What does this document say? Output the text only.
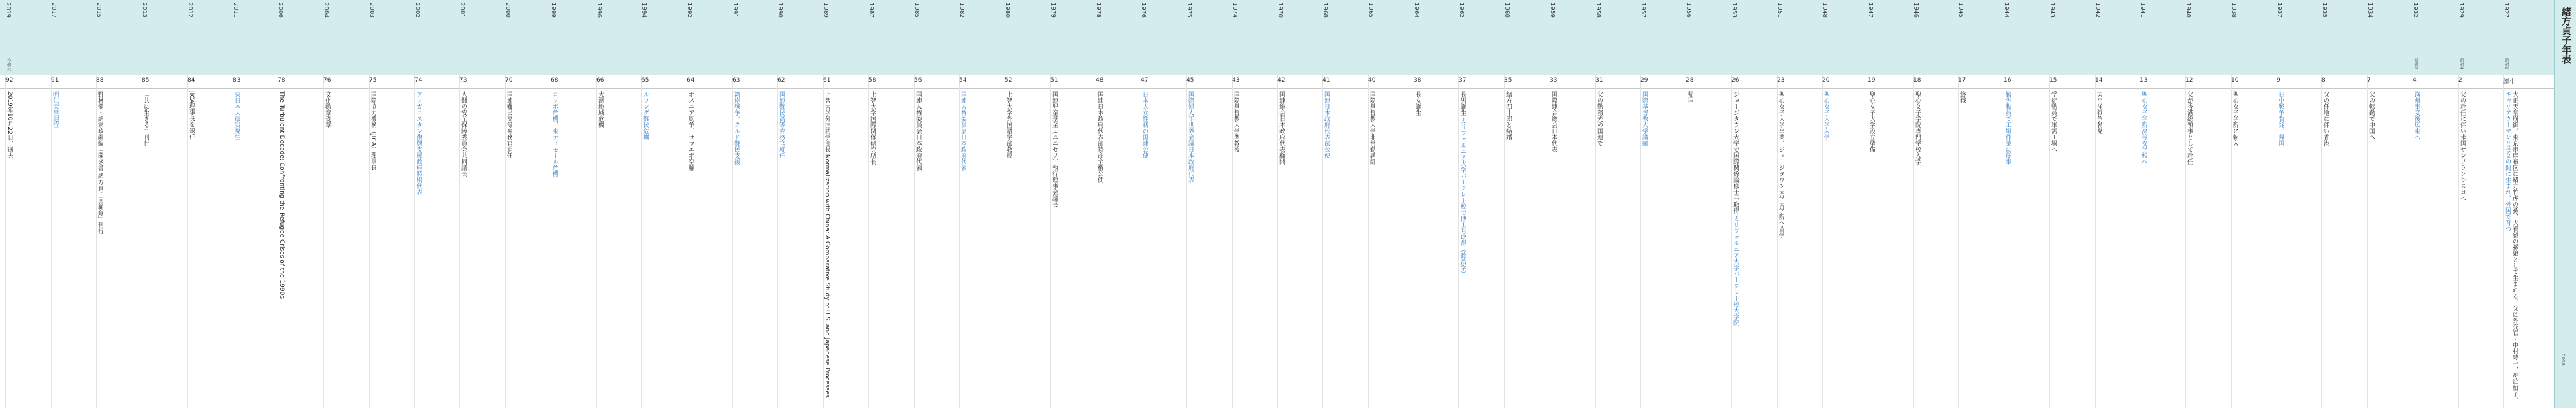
緒方貞子年表
0018
1927
昭和2
誕生
大正天皇崩御。東京市麻布区に緒方竹虎の孫、犬養毅の孫娘として生まれる。父は外交官・中村豊一、母は恒子。 キャリアウーマンと長女の間に生まれ、外国で育つ
1929
昭和4
2
父の赴任に伴い米国サンフランシスコへ
1932
昭和7
4
満州事変後広東へ
1934
7
父の転勤で中国へ
1935
8
父の任地に伴い香港
1937
9
日中戦争勃発、帰国
1938
10
聖心女子学院に転入
1940
12
父が香港総領事として赴任
1941
13
聖心女子学院高等女学校へ
1942
14
太平洋戦争勃発
1943
15
学徒動員で軍需工場へ
1944
16
勤労動員で工場作業に従事
1945
17
終戦
1946
18
聖心女子学院専門学校入学
1947
19
聖心女子大学設立準備
1948
20
聖心女子大学入学
1951
23
聖心女子大学卒業。ジョージタウン大学大学院へ留学
1953
26
ジョージタウン大学で国際関係論修士号取得 カリフォルニア大学バークレー校大学院
1956
28
帰国
1957
29
国際基督教大学講師
1958
31
父の勤務先の国連で
1959
33
国際連合総会日本代表
1960
35
緒方四十郎と結婚
1962
37
長男誕生 カリフォルニア大学バークレー校で博士号取得（政治学）
1964
38
長女誕生
1965
40
国際基督教大学非常勤講師
1968
41
国連日本政府代表部公使
1970
42
国連総会日本政府代表顧問
1974
43
国際基督教大学準教授
1975
45
国際婦人年世界会議日本政府代表
1976
47
日本人女性初の国連公使
1978
48
国連日本政府代表部特命全権公使
1979
51
国連児童基金（ユニセフ）執行理事会議長
1980
52
上智大学外国語学部教授
1982
54
国連人権委員会日本政府代表
1985
56
国連人権委員会日本政府代表
1987
58
上智大学国際関係研究所長
1989
61
上智大学外国語学部長 Normalization with China: A Comparative Study of U.S. and Japanese Processes
1990
62
国連難民高等弁務官就任
1991
63
湾岸戦争。クルド難民支援
1992
64
ボスニア紛争、サラエボ空輸
1994
65
ルワンダ難民危機
1996
66
大湖地域危機
1999
68
コソボ危機、東ティモール危機
2000
70
国連難民高等弁務官退任
2001
73
人間の安全保障委員会共同議長
2002
74
アフガニスタン復興支援政府特別代表
2003
75
国際協力機構（JICA）理事長
2004
76
文化勲章受章
2006
78
The Turbulent Decade: Confronting the Refugee Crises of the 1990s
2011
83
東日本大震災発生
2012
84
JICA理事長を退任
2013
85
「共に生きる」刊行
2015
88
野林健・納家政嗣編「聞き書 緒方貞子回顧録」刊行
2017
91
明仁天皇退位
2019
令和元
92
2019年10月22日、逝去
